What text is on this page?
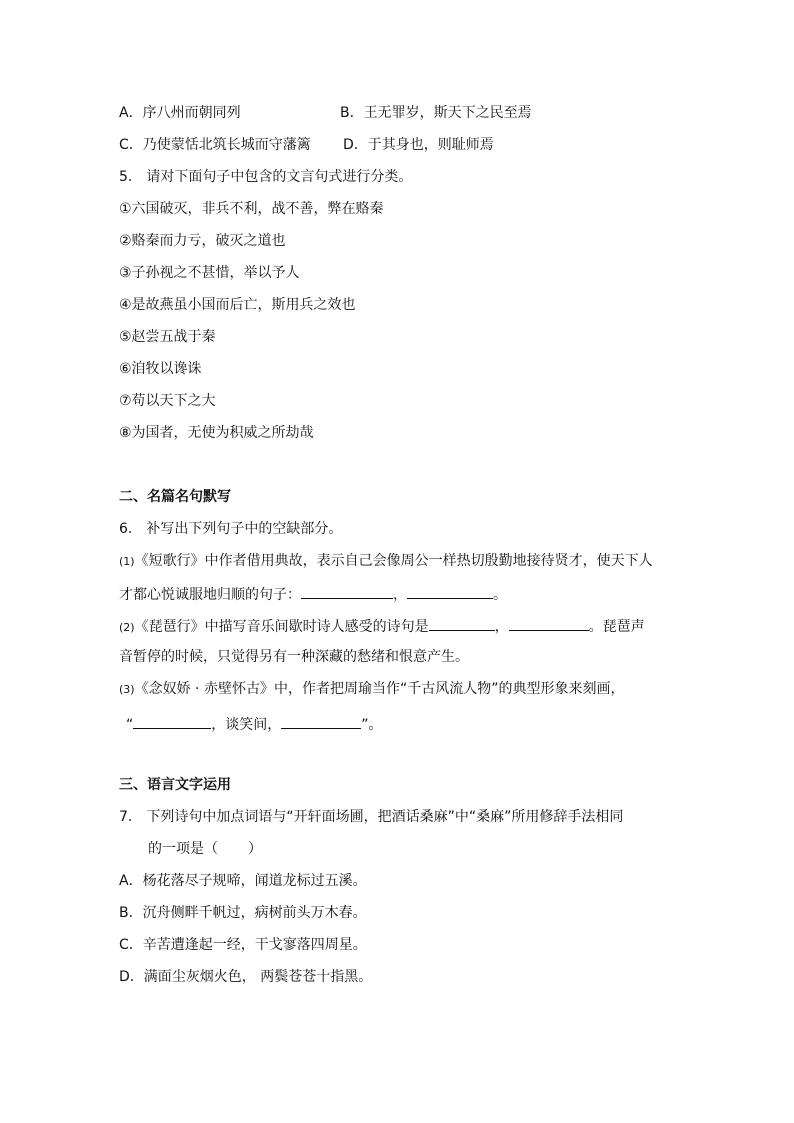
A．序八州而朝同列	B．王无罪岁，斯天下之民至焉
C．乃使蒙恬北筑长城而守藩篱 D．于其身也，则耻师焉
5.　请对下面句子中包含的文言句式进行分类。
①六国破灭，非兵不利，战不善，弊在赂秦
②赂秦而力亏，破灭之道也
③子孙视之不甚惜，举以予人
④是故燕虽小国而后亡，斯用兵之效也
⑤赵尝五战于秦
⑥洎牧以谗诛
⑦苟以天下之大
⑧为国者，无使为积威之所劫哉
二、名篇名句默写
6.　补写出下列句子中的空缺部分。
(1)《短歌行》中作者借用典故，表示自己会像周公一样热切殷勤地接待贤才，使天下人
才都心悦诚服地归顺的句子：	，	。
(2)《琵琶行》中描写音乐间歇时诗人感受的诗句是	，	。琵琶声
音暂停的时候，只觉得另有一种深藏的愁绪和恨意产生。
(3)《念奴娇 · 赤壁怀古》中，作者把周瑜当作“千古风流人物”的典型形象来刻画，
“	，谈笑间，	”。
三、语言文字运用
7.　下列诗句中加点词语与“开轩面场圃，把酒话桑麻”中“桑麻”所用修辞手法相同
的一项是（ ）
A．杨花落尽子规啼，闻道龙标过五溪。
B．沉舟侧畔千帆过，病树前头万木春。
C．辛苦遭逢起一经，干戈寥落四周星。
D．满面尘灰烟火色， 两鬓苍苍十指黑。
